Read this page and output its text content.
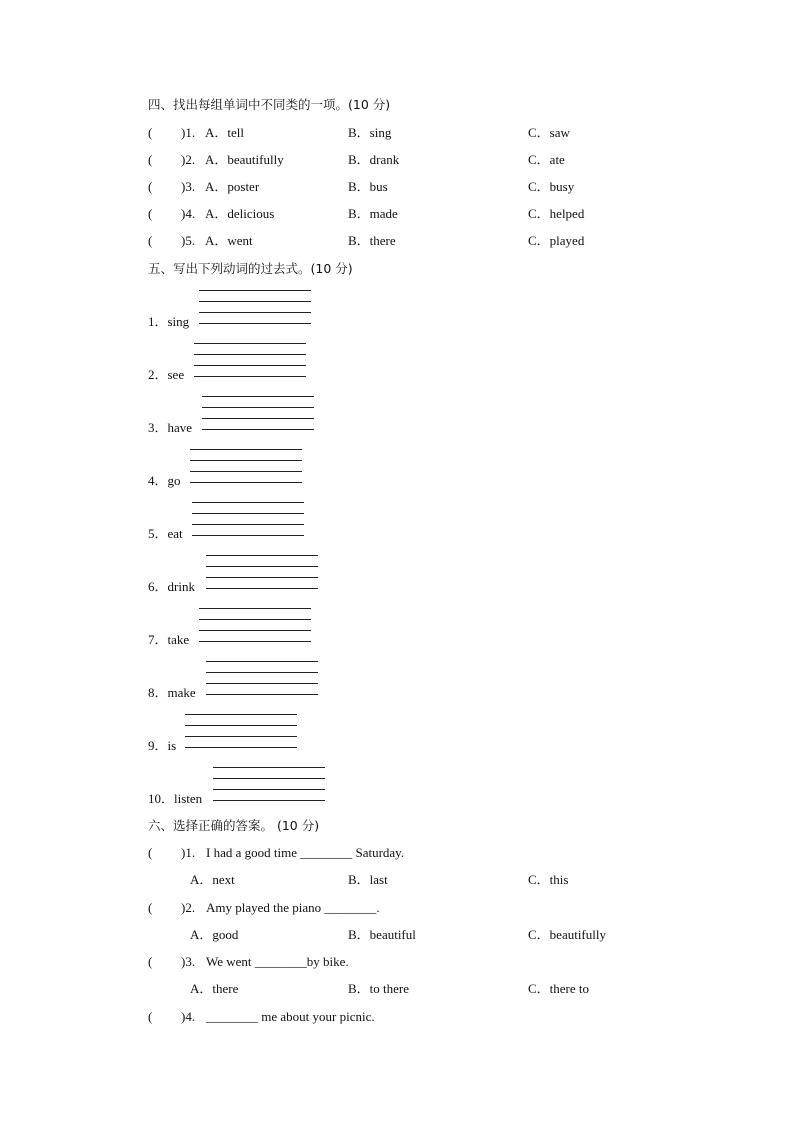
四、找出每组单词中不同类的一项。(10 分)
( )1. A．tell	B．sing	C．saw
( )2. A．beautifully	B．drank	C．ate
( )3. A．poster	B．bus	C．busy
( )4. A．delicious	B．made	C．helped
( )5. A．went	B．there	C．played
五、写出下列动词的过去式。(10 分)
1．sing
2．see
3．have
4．go
5．eat
6．drink
7．take
8．make
9．is
10．listen
六、选择正确的答案。 (10 分)
( )1. I had a good time ________ Saturday.
A．next	B．last	C．this
( )2. Amy played the piano ________.
A．good	B．beautiful	C．beautifully
( )3. We went ________by bike.
A．there	B．to there	C．there to
( )4. ________ me about your picnic.
